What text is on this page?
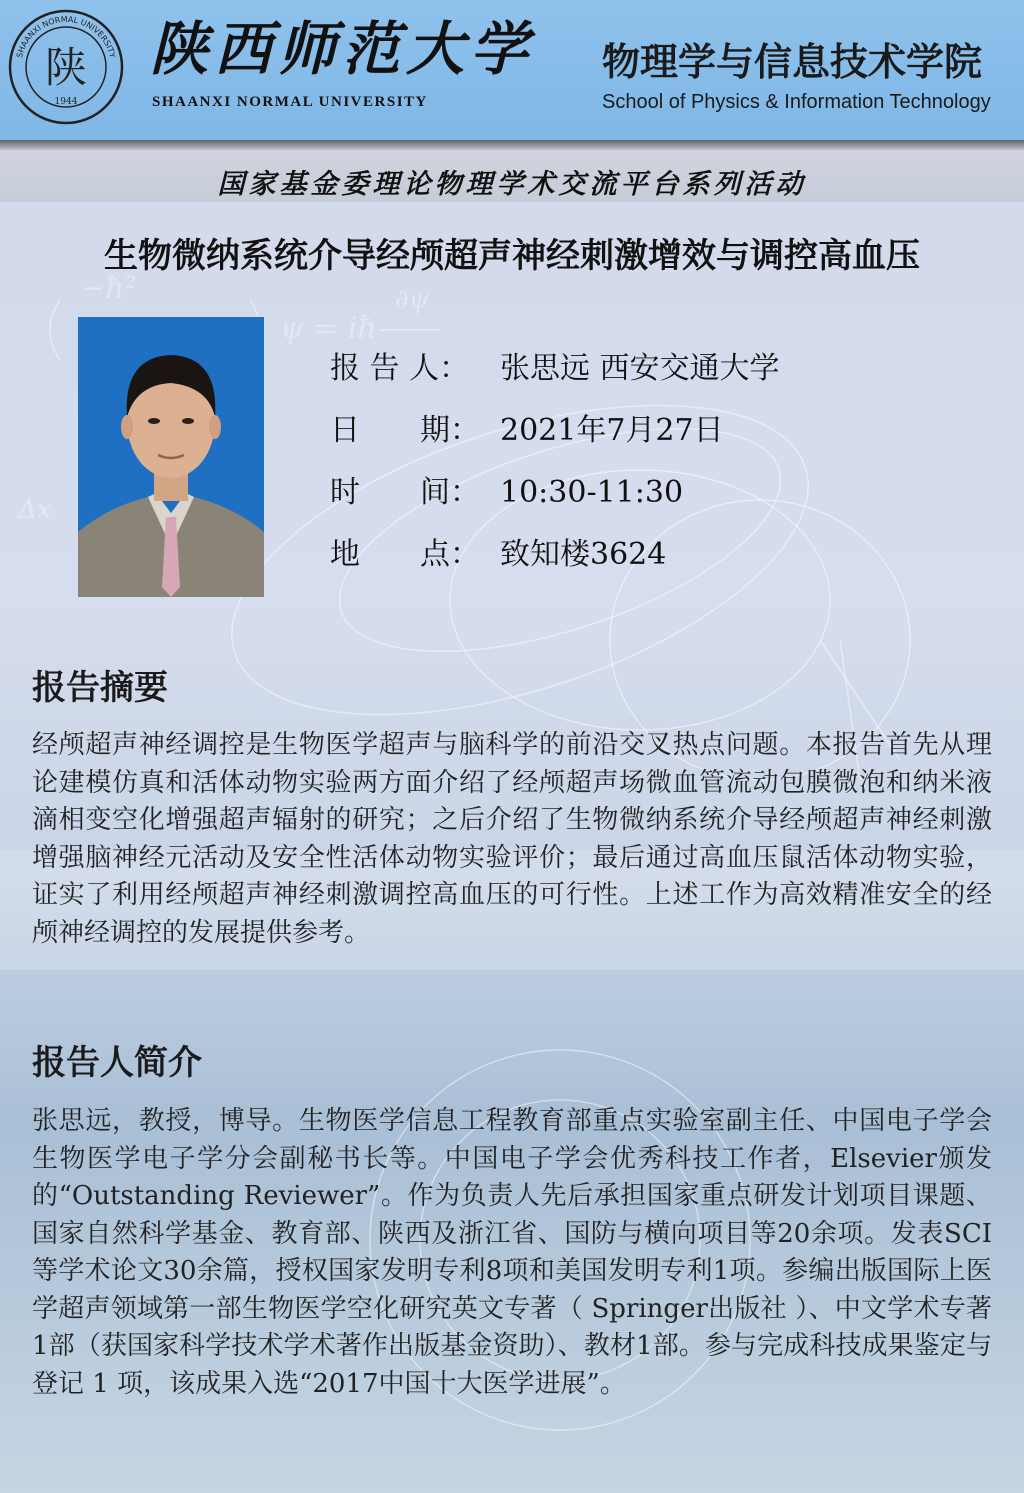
−ħ²
ψ = iħ
∂ψ
Δx
陕
1944
SHAANXI NORMAL UNIVERSITY 陕西师范大学
SHAANXI NORMAL UNIVERSITY
物理学与信息技术学院
School of Physics & Information Technology
国家基金委理论物理学术交流平台系列活动
生物微纳系统介导经颅超声神经刺激增效与调控高血压
报 告 人：	张思远 西安交通大学
日　　期： 2021年7月27日
时　　间： 10:30-11:30
地　　点： 致知楼3624
报告摘要
经颅超声神经调控是生物医学超声与脑科学的前沿交叉热点问题。本报告首先从理论建模仿真和活体动物实验两方面介绍了经颅超声场微血管流动包膜微泡和纳米液滴相变空化增强超声辐射的研究；之后介绍了生物微纳系统介导经颅超声神经刺激增强脑神经元活动及安全性活体动物实验评价；最后通过高血压鼠活体动物实验，证实了利用经颅超声神经刺激调控高血压的可行性。上述工作为高效精准安全的经颅神经调控的发展提供参考。
报告人简介
张思远，教授，博导。生物医学信息工程教育部重点实验室副主任、中国电子学会生物医学电子学分会副秘书长等。中国电子学会优秀科技工作者，Elsevier颁发的“Outstanding Reviewer”。作为负责人先后承担国家重点研发计划项目课题、国家自然科学基金、教育部、陕西及浙江省、国防与横向项目等20余项。发表SCI等学术论文30余篇，授权国家发明专利8项和美国发明专利1项。参编出版国际上医学超声领域第一部生物医学空化研究英文专著（ Springer出版社 ）、中文学术专著1部（获国家科学技术学术著作出版基金资助）、教材1部。参与完成科技成果鉴定与登记 1 项，该成果入选“2017中国十大医学进展”。
